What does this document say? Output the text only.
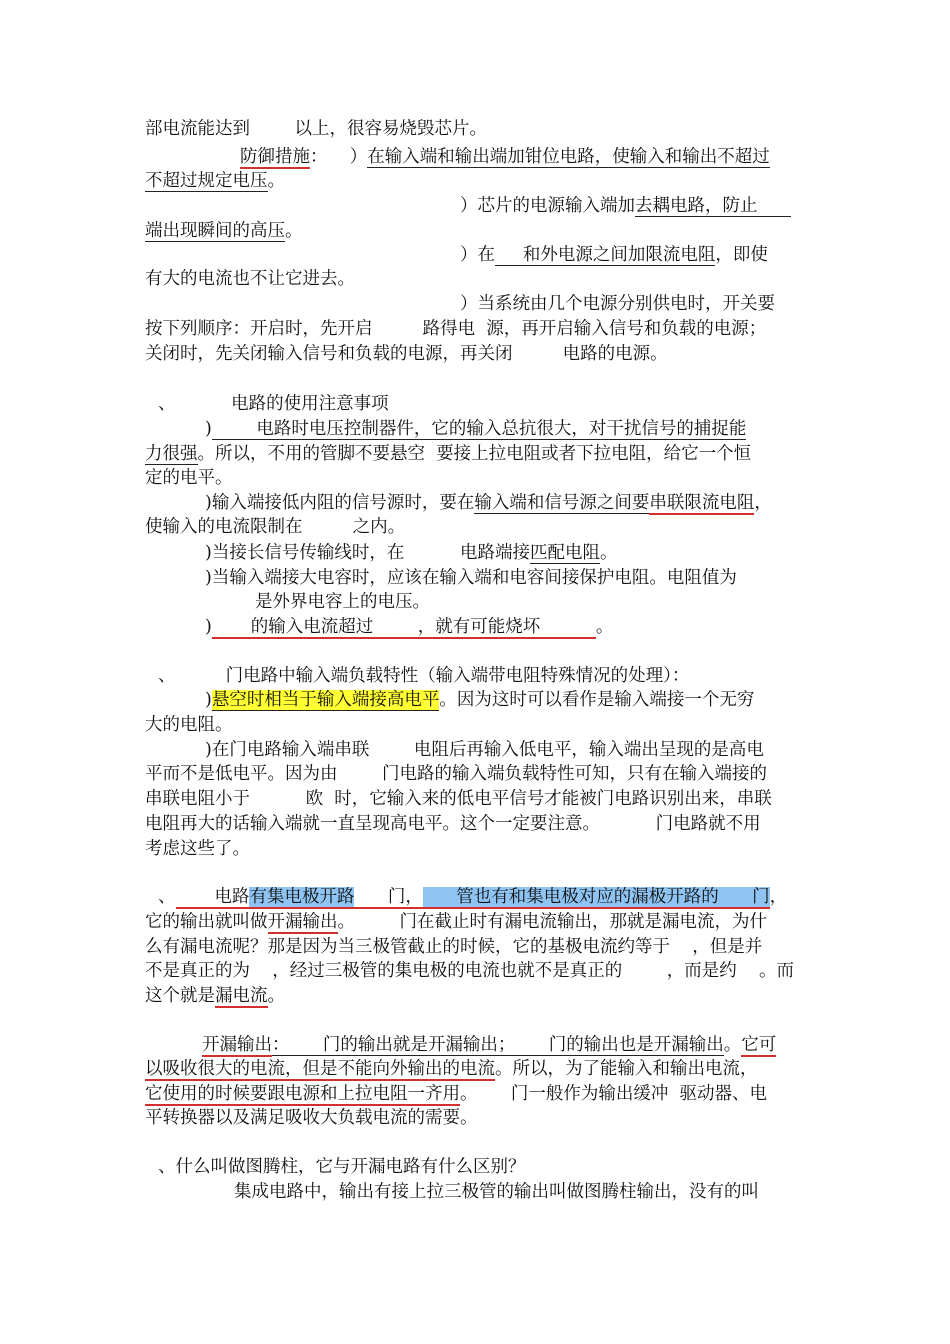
部电流能达到	以上，很容易烧毁芯片。

防御措施：    ）在输入端和输出端加钳位电路，使输入和输出不超过

不超过规定电压。

）芯片的电源输入端加去耦电路，防止

端出现瞬间的高压。

）在     和外电源之间加限流电阻，即使

有大的电流也不让它进去。

）当系统由几个电源分别供电时，开关要

按下列顺序：开启时，先开启         路得电  源，再开启输入信号和负载的电源；

关闭时，先关闭输入信号和负载的电源，再关闭         电路的电源。

、          电路的使用注意事项

)        电路时电压控制器件，它的输入总抗很大，对干扰信号的捕捉能

力很强。所以，不用的管脚不要悬空  要接上拉电阻或者下拉电阻，给它一个恒

定的电平。

)输入端接低内阻的信号源时，要在输入端和信号源之间要串联限流电阻，

使输入的电流限制在         之内。

)当接长信号传输线时，在          电路端接匹配电阻。

)当输入端接大电容时，应该在输入端和电容间接保护电阻。电阻值为

是外界电容上的电压。

)       的输入电流超过        ，就有可能烧坏          。

、         门电路中输入端负载特性（输入端带电阻特殊情况的处理）：

)悬空时相当于输入端接高电平。因为这时可以看作是输入端接一个无穷

大的电阻。

)在门电路输入端串联        电阻后再输入低电平，输入端出呈现的是高电

平而不是低电平。因为由        门电路的输入端负载特性可知，只有在输入端接的

串联电阻小于          欧  时，它输入来的低电平信号才能被门电路识别出来，串联

电阻再大的话输入端就一直呈现高电平。这个一定要注意。          门电路就不用

考虑这些了。

、       电路有集电极开路      门，      管也有和集电极对应的漏极开路的      门，

它的输出就叫做开漏输出。        门在截止时有漏电流输出，那就是漏电流，为什

么有漏电流呢？那是因为当三极管截止的时候，它的基极电流约等于    ，但是并

不是真正的为    ，经过三极管的集电极的电流也就不是真正的        ，而是约    。而

这个就是漏电流。

开漏输出：      门的输出就是开漏输出；      门的输出也是开漏输出。它可

以吸收很大的电流，但是不能向外输出的电流。所以，为了能输入和输出电流，

它使用的时候要跟电源和上拉电阻一齐用。      门一般作为输出缓冲  驱动器、电

平转换器以及满足吸收大负载电流的需要。

、什么叫做图腾柱，它与开漏电路有什么区别？

集成电路中，输出有接上拉三极管的输出叫做图腾柱输出，没有的叫
